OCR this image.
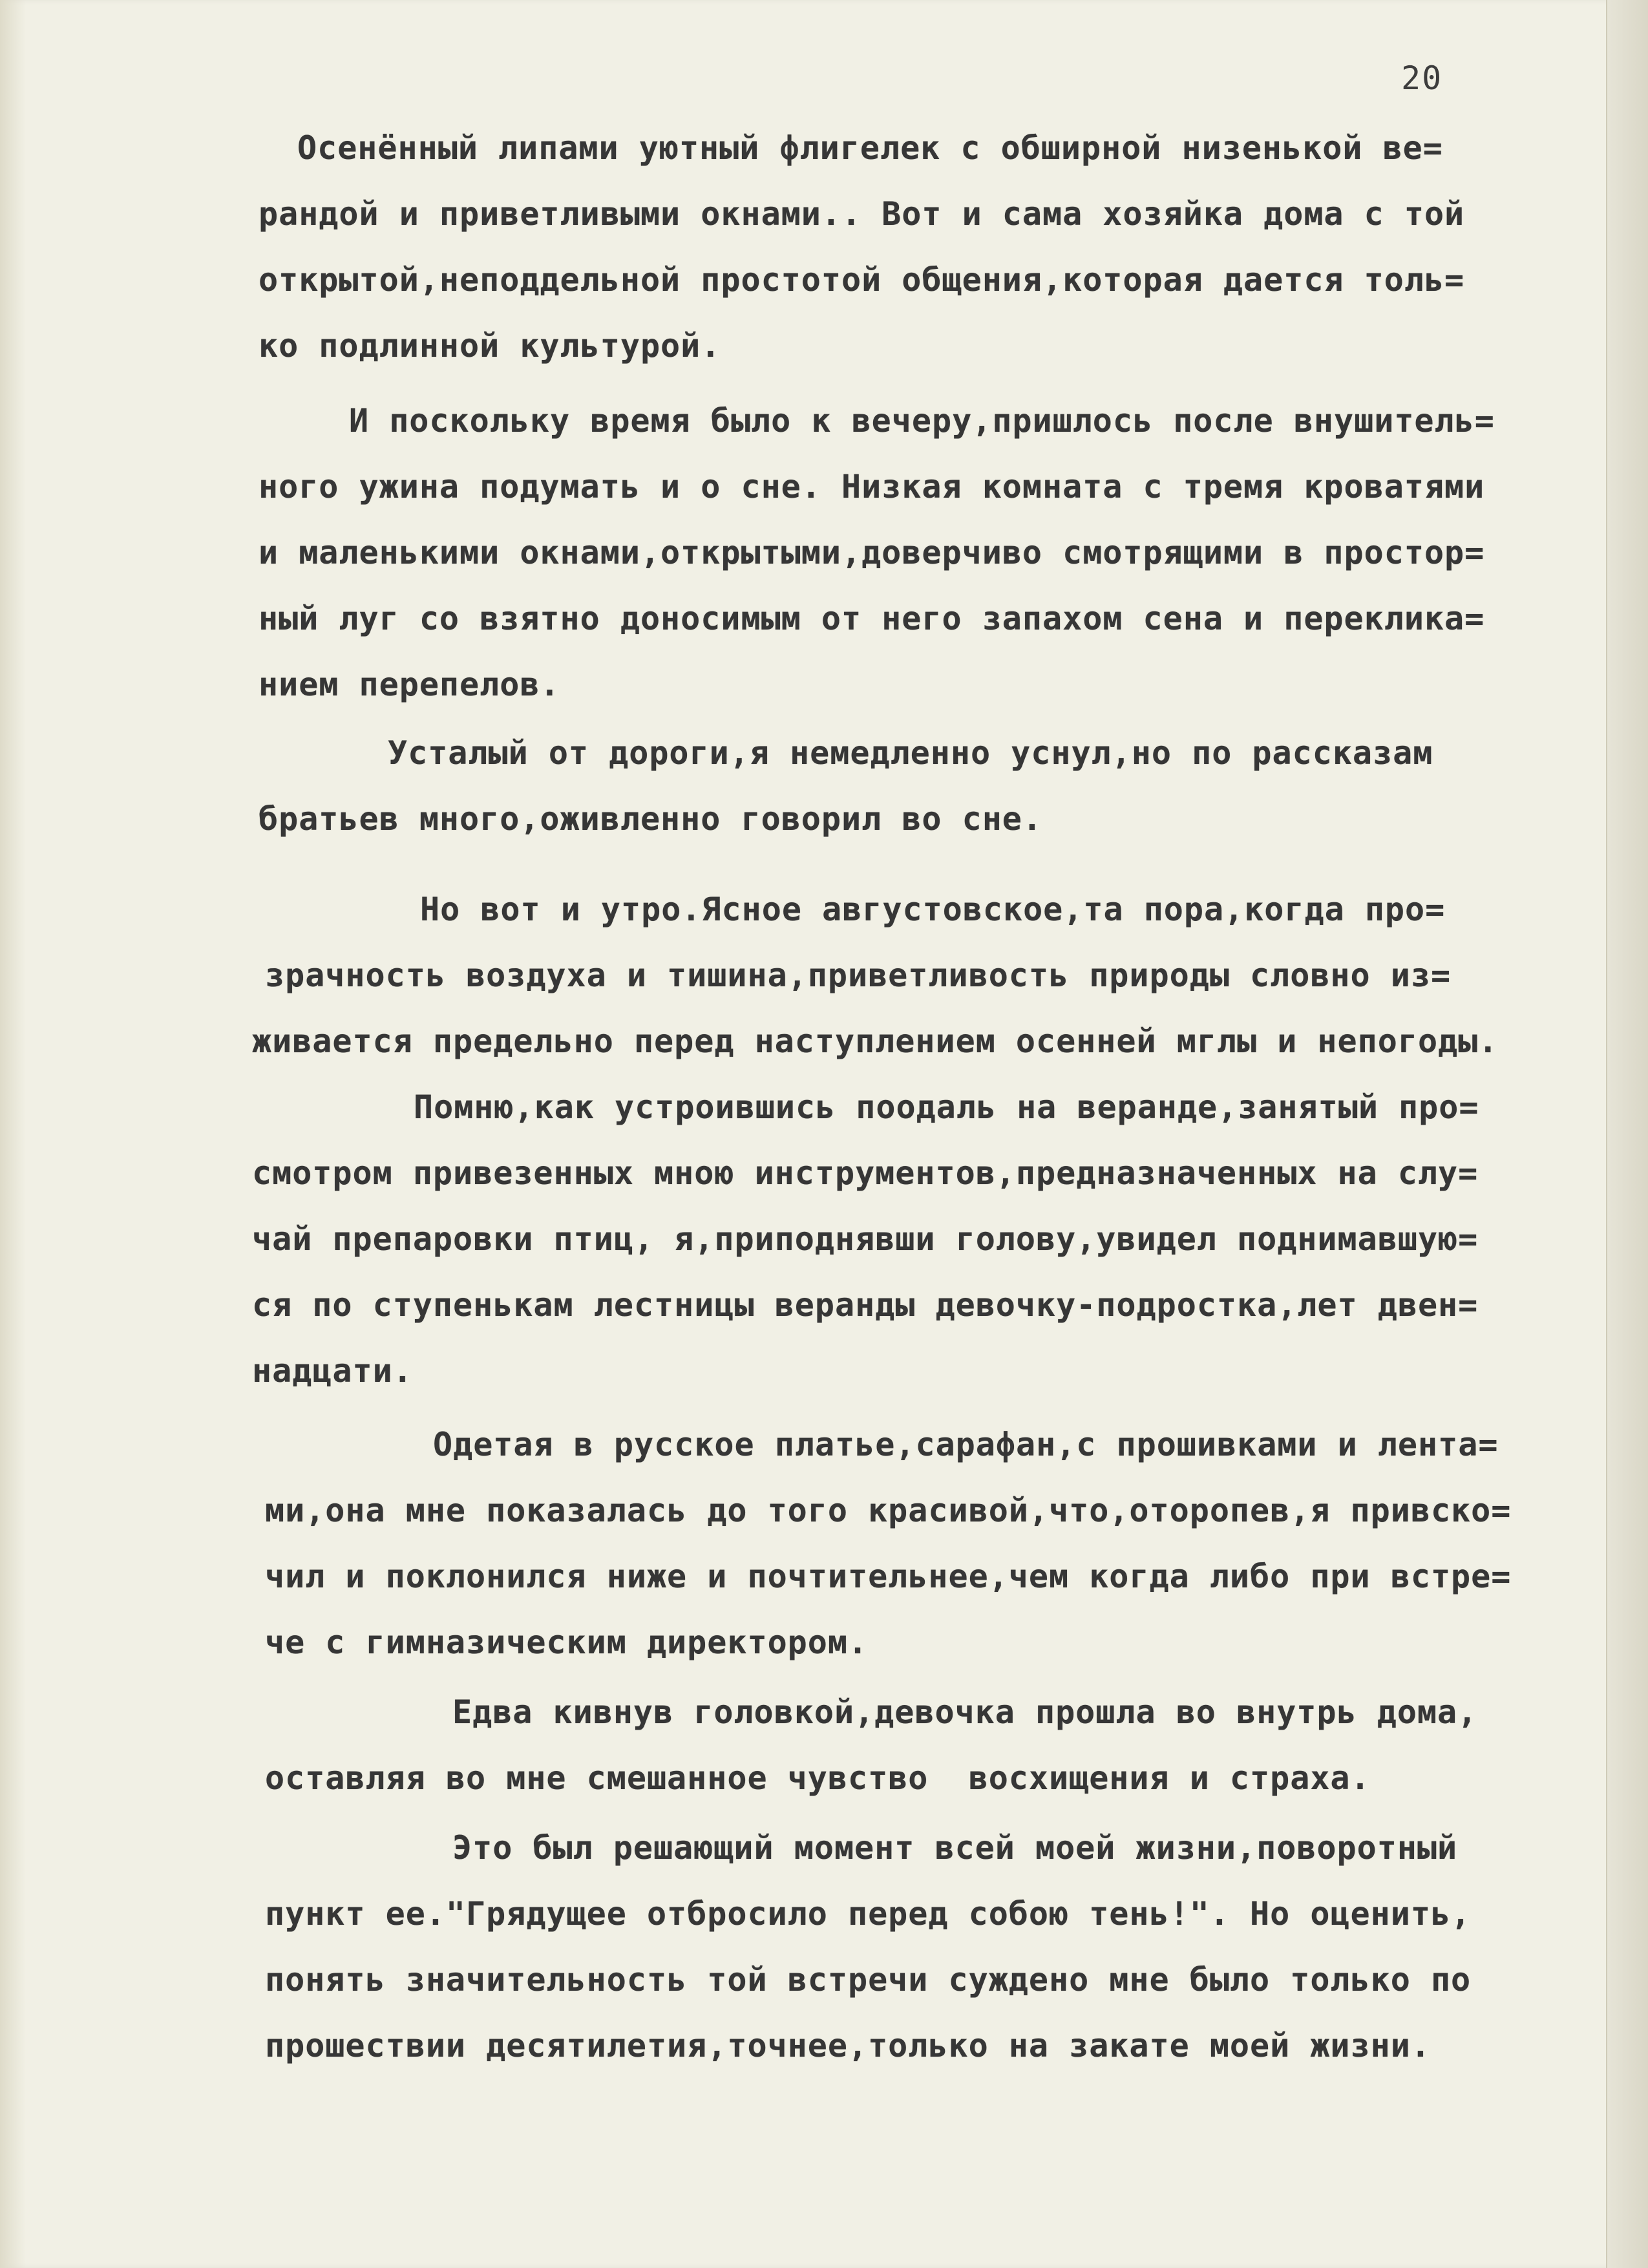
20
Осенённый липами уютный флигелек с обширной низенькой ве=
рандой и приветливыми окнами.. Вот и сама хозяйка дома с той
открытой,неподдельной простотой общения,которая дается толь=
ко подлинной культурой.
И поскольку время было к вечеру,пришлось после внушитель=
ного ужина подумать и о сне. Низкая комната с тремя кроватями
и маленькими окнами,открытыми,доверчиво смотрящими в простор=
ный луг со взятно доносимым от него запахом сена и переклика=
нием перепелов.
Усталый от дороги,я немедленно уснул,но по рассказам
братьев много,оживленно говорил во сне.
Но вот и утро.Ясное августовское,та пора,когда про=
зрачность воздуха и тишина,приветливость природы словно из=
живается предельно перед наступлением осенней мглы и непогоды.
Помню,как устроившись поодаль на веранде,занятый про=
смотром привезенных мною инструментов,предназначенных на слу=
чай препаровки птиц, я,приподнявши голову,увидел поднимавшую=
ся по ступенькам лестницы веранды девочку-подростка,лет двен=
надцати.
Одетая в русское платье,сарафан,с прошивками и лента=
ми,она мне показалась до того красивой,что,оторопев,я привско=
чил и поклонился ниже и почтительнее,чем когда либо при встре=
че с гимназическим директором.
Едва кивнув головкой,девочка прошла во внутрь дома,
оставляя во мне смешанное чувство  восхищения и страха.
Это был решающий момент всей моей жизни,поворотный
пункт ее."Грядущее отбросило перед собою тень!". Но оценить,
понять значительность той встречи суждено мне было только по
прошествии десятилетия,точнее,только на закате моей жизни.
